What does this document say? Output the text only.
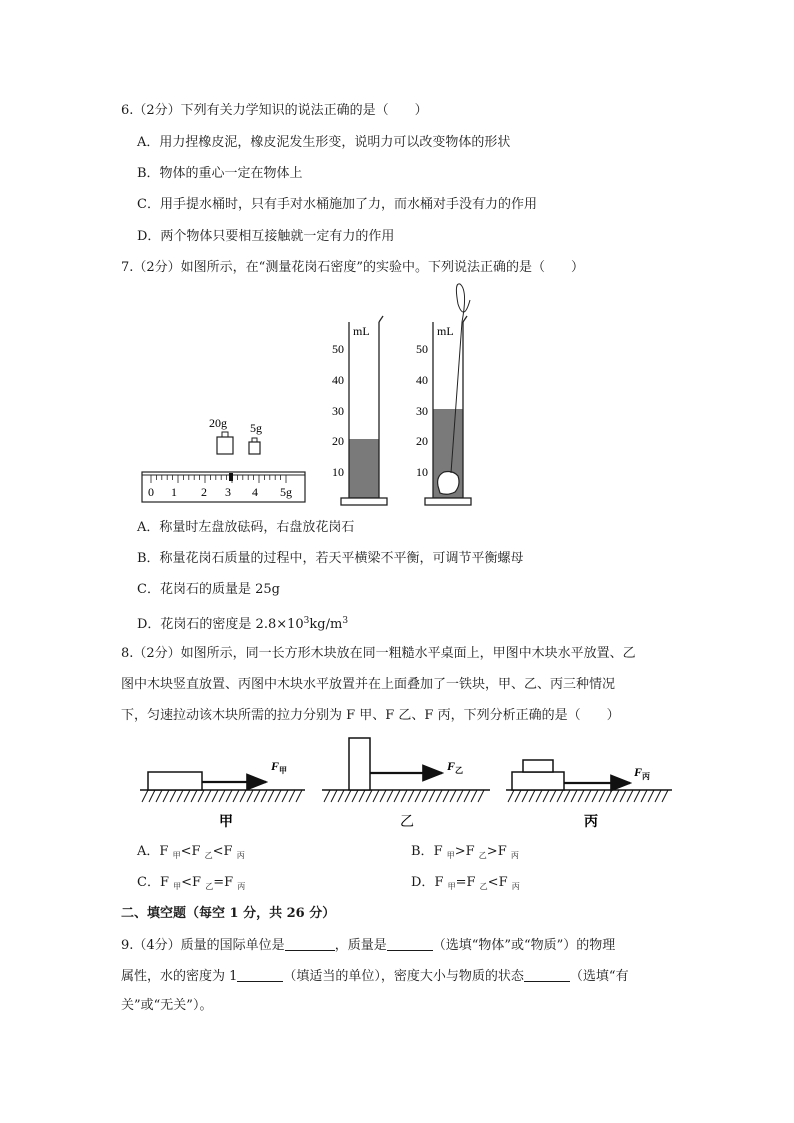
6.（2分）下列有关力学知识的说法正确的是（　　）
A．用力捏橡皮泥，橡皮泥发生形变，说明力可以改变物体的形状
B．物体的重心一定在物体上
C．用手提水桶时，只有手对水桶施加了力，而水桶对手没有力的作用
D．两个物体只要相互接触就一定有力的作用
7.（2分）如图所示，在“测量花岗石密度”的实验中。下列说法正确的是（　　）
20g 5g
0 1 2 3 4 5g
50
40
30
20
10
mL
50
40
30
20
10
mL
A．称量时左盘放砝码，右盘放花岗石
B．称量花岗石质量的过程中，若天平横梁不平衡，可调节平衡螺母
C．花岗石的质量是 25g
D．花岗石的密度是 $2.8\times 10^3kg/m^3$
8.（2分）如图所示，同一长方形木块放在同一粗糙水平桌面上，甲图中木块水平放置、乙
图中木块竖直放置、丙图中木块水平放置并在上面叠加了一铁块，甲、乙、丙三种情况
下，匀速拉动该木块所需的拉力分别为 F 甲、F 乙、F 丙，下列分析正确的是（　　）
$F_甲$
甲
$F_乙$
乙
$F_丙$
丙
A．F $_甲$<F $_乙$<F $_丙$	B．F $_甲$>F $_乙$>F $_丙$
C．F $_甲$<F $_乙$=F $_丙$	D．F $_甲$=F $_乙$<F $_丙$
二、填空题（每空 1 分，共 26 分）
9.（4分）质量的国际单位是	，质量是	（选填“物体”或“物质”）的物理
属性，水的密度为 1	（填适当的单位），密度大小与物质的状态	（选填“有
关”或“无关”）。
